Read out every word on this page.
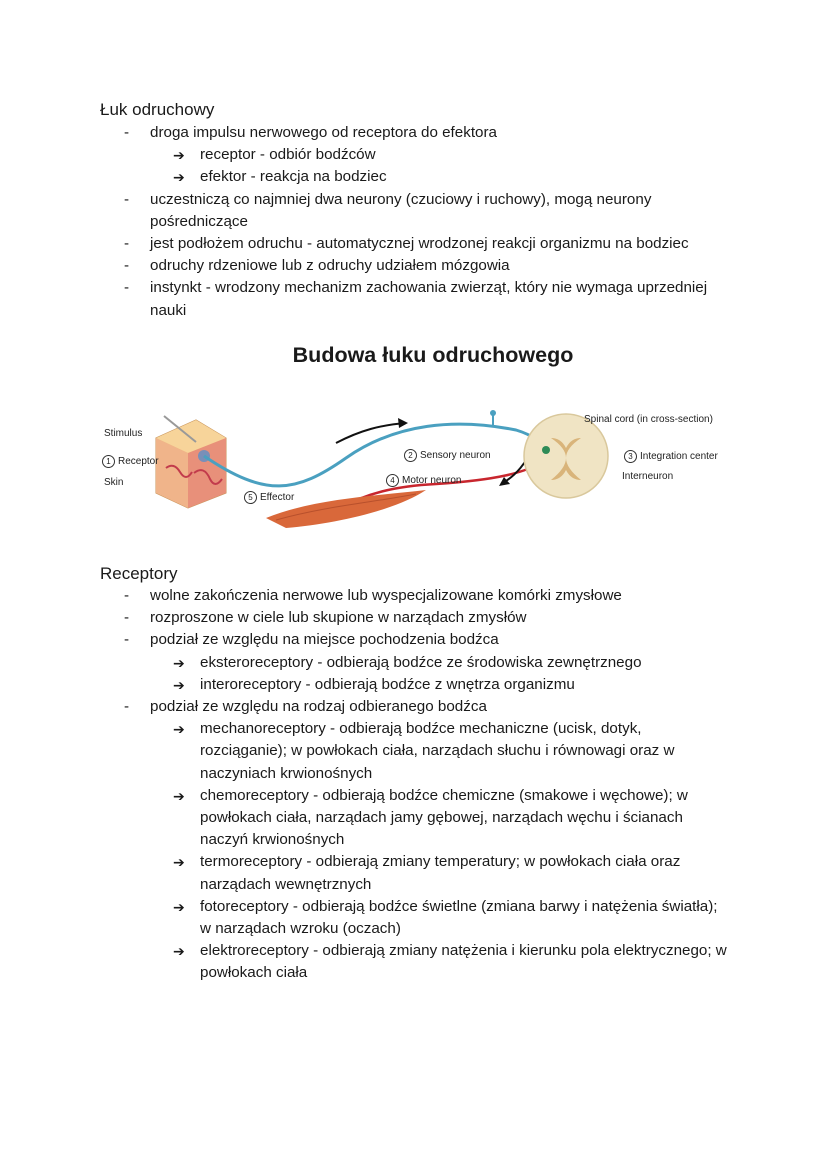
Łuk odruchowy
- droga impulsu nerwowego od receptora do efektora
➔ receptor - odbiór bodźców
➔ efektor - reakcja na bodziec
- uczestniczą co najmniej dwa neurony (czuciowy i ruchowy), mogą neurony pośredniczące
- jest podłożem odruchu - automatycznej wrodzonej reakcji organizmu na bodziec
- odruchy rdzeniowe lub z odruchy udziałem mózgowia
- instynkt - wrodzony mechanizm zachowania zwierząt, który nie wymaga uprzedniej nauki
Budowa łuku odruchowego
Stimulus
1 Receptor
Skin
5 Effector
2 Sensory neuron
4 Motor neuron
Spinal cord (in cross-section)
3 Integration center
Interneuron
Receptory
- wolne zakończenia nerwowe lub wyspecjalizowane komórki zmysłowe
- rozproszone w ciele lub skupione w narządach zmysłów
- podział ze względu na miejsce pochodzenia bodźca
➔ eksteroreceptory - odbierają bodźce ze środowiska zewnętrznego
➔ interoreceptory - odbierają bodźce z wnętrza organizmu
- podział ze względu na rodzaj odbieranego bodźca
➔ mechanoreceptory - odbierają bodźce mechaniczne (ucisk, dotyk, rozciąganie); w powłokach ciała, narządach słuchu i równowagi oraz w naczyniach krwionośnych
➔ chemoreceptory - odbierają bodźce chemiczne (smakowe i węchowe); w powłokach ciała, narządach jamy gębowej, narządach węchu i ścianach naczyń krwionośnych
➔ termoreceptory - odbierają zmiany temperatury; w powłokach ciała oraz narządach wewnętrznych
➔ fotoreceptory - odbierają bodźce świetlne (zmiana barwy i natężenia światła); w narządach wzroku (oczach)
➔ elektroreceptory - odbierają zmiany natężenia i kierunku pola elektrycznego; w powłokach ciała
